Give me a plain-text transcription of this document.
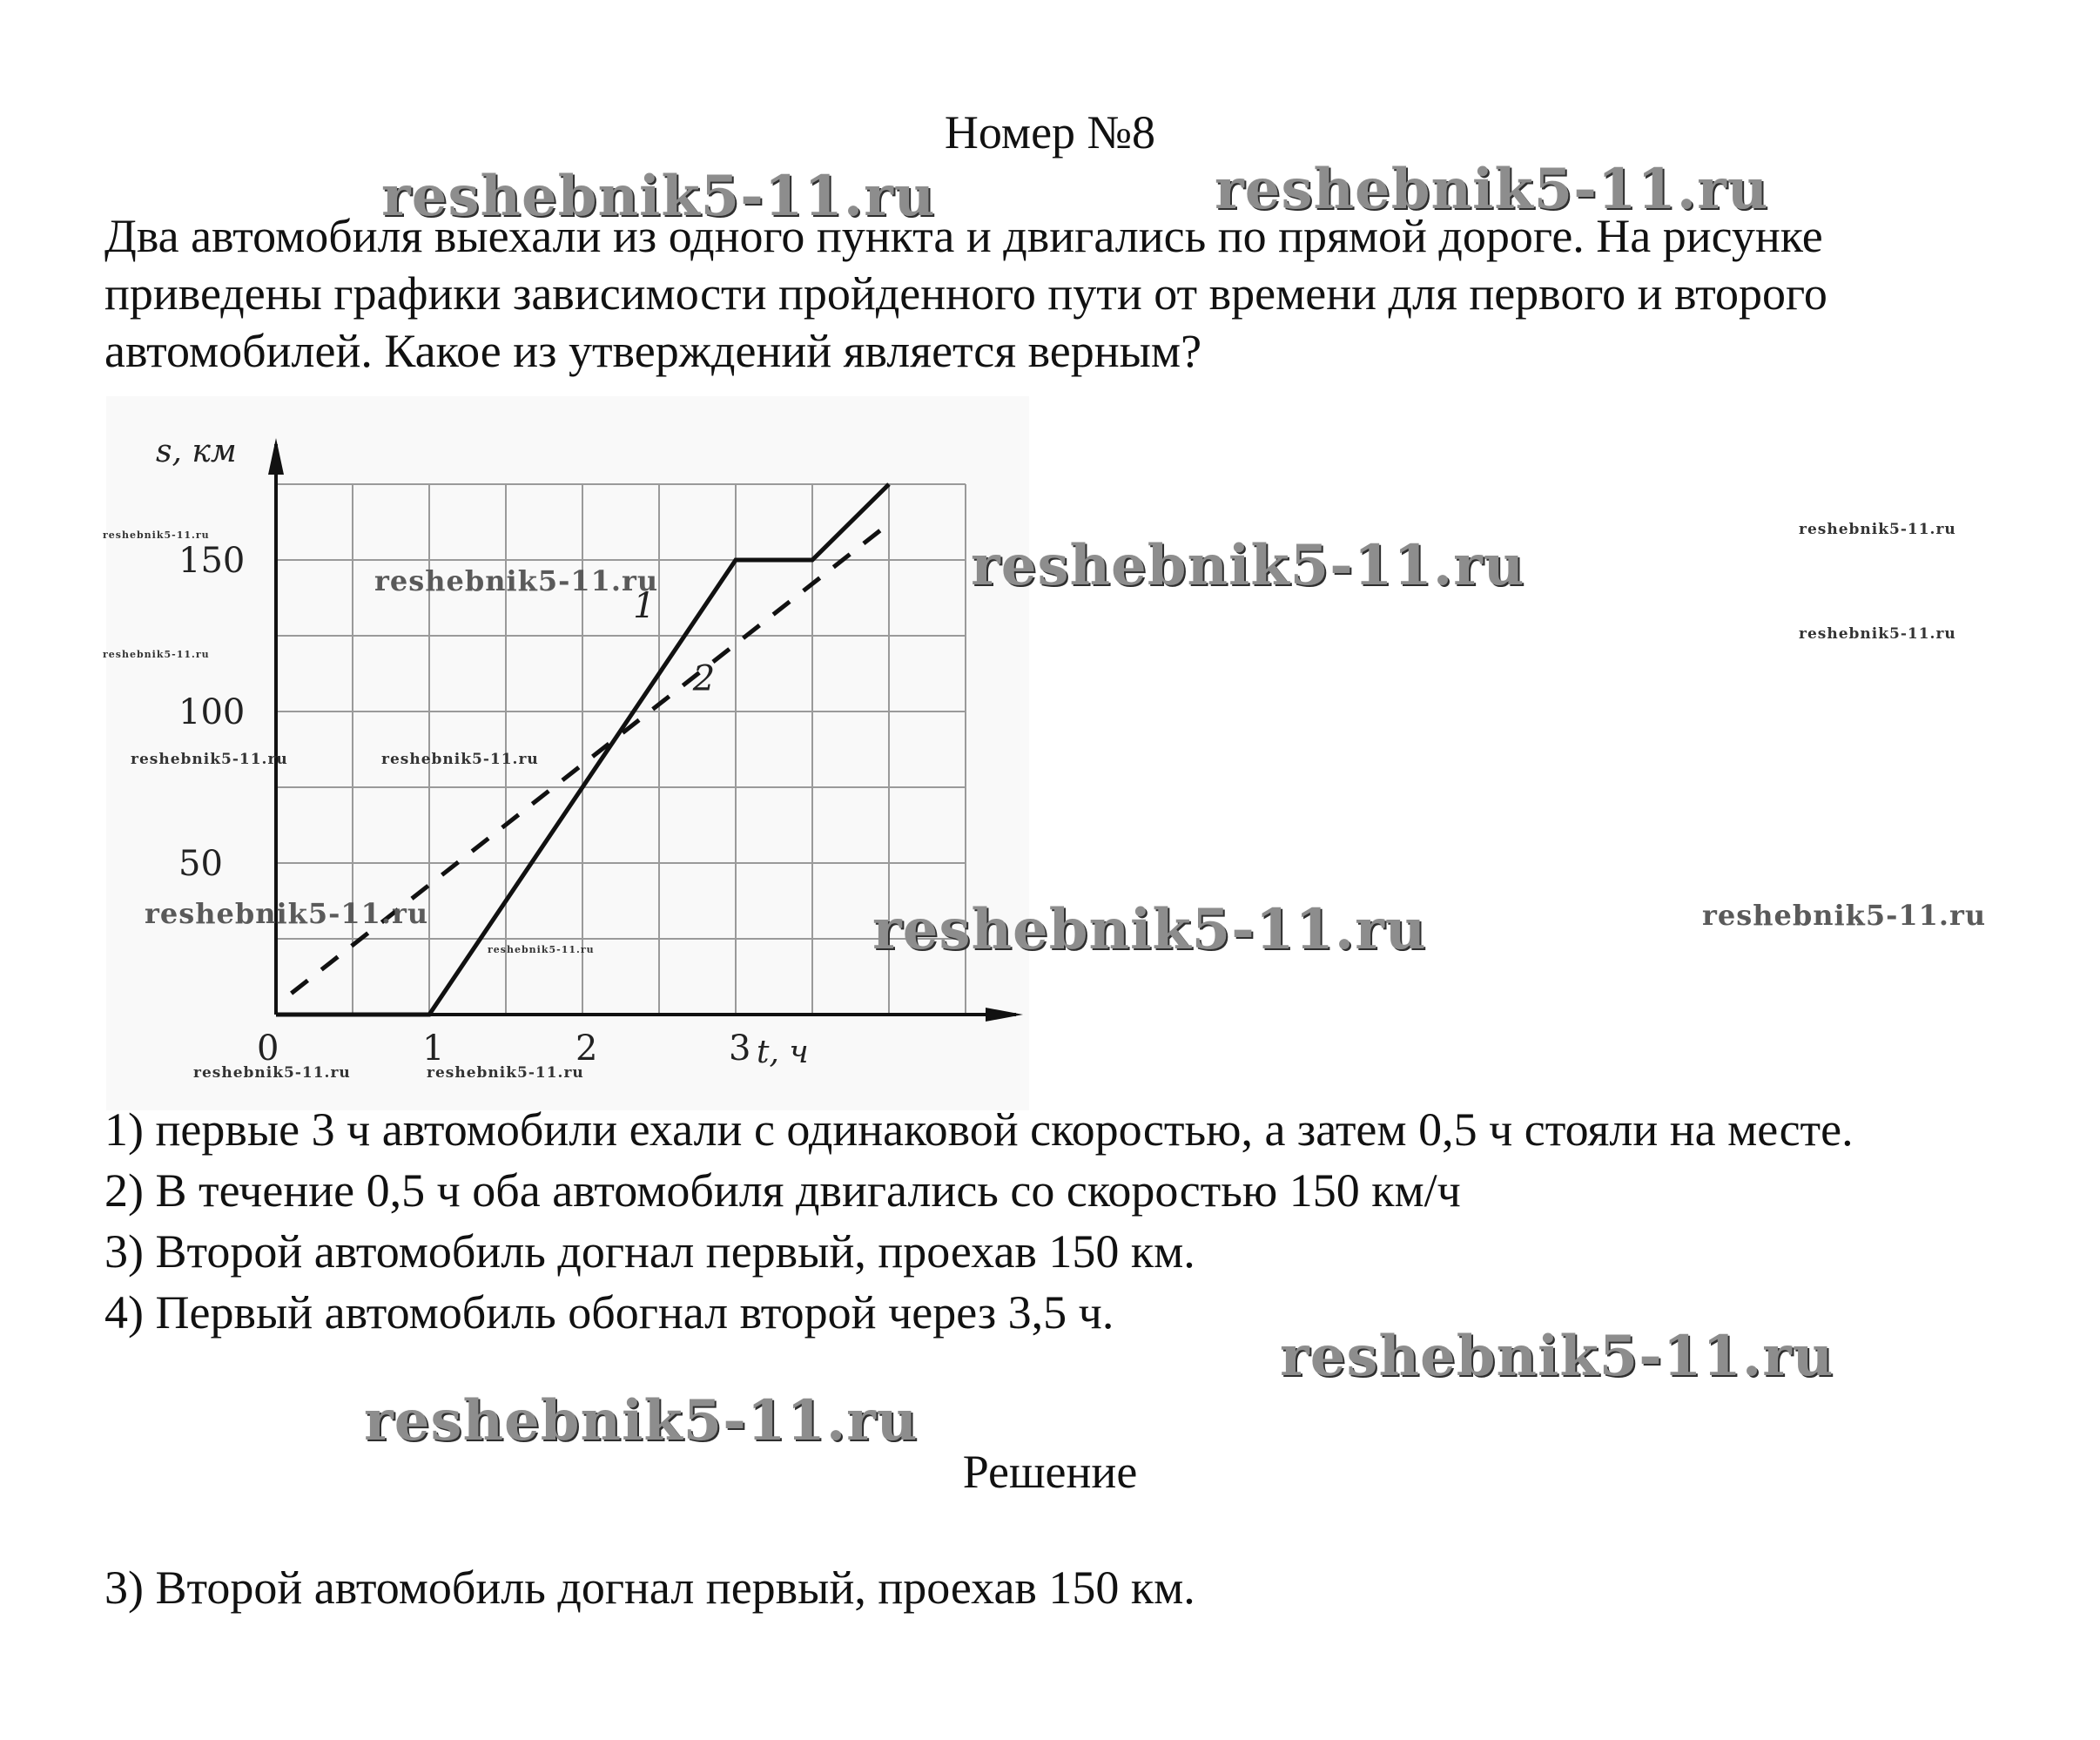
Номер №8

Два автомобиля выехали из одного пункта и двигались по прямой дороге. На рисунке приведены графики зависимости пройденного пути от времени для первого и второго автомобилей. Какое из утверждений является верным?

1
2
0	1	2	3
50
100
150
s, км
t, ч

1) первые 3 ч автомобили ехали с одинаковой скоростью, а затем 0,5 ч стояли на месте.

2) В течение 0,5 ч оба автомобиля двигались со скоростью 150 км/ч

3) Второй автомобиль догнал первый, проехав 150 км.

4) Первый автомобиль обогнал второй через 3,5 ч.

Решение

3) Второй автомобиль догнал первый, проехав 150 км.

reshebnik5-11.ru	reshebnik5-11.ru
reshebnik5-11.ru
reshebnik5-11.ru
reshebnik5-11.ru
reshebnik5-11.ru
reshebnik5-11.ru
reshebnik5-11.ru	reshebnik5-11.ru
reshebnik5-11.ru
reshebnik5-11.ru
reshebnik5-11.ru	reshebnik5-11.ru
reshebnik5-11.ru	reshebnik5-11.ru
reshebnik5-11.ru
reshebnik5-11.ru
reshebnik5-11.ru
